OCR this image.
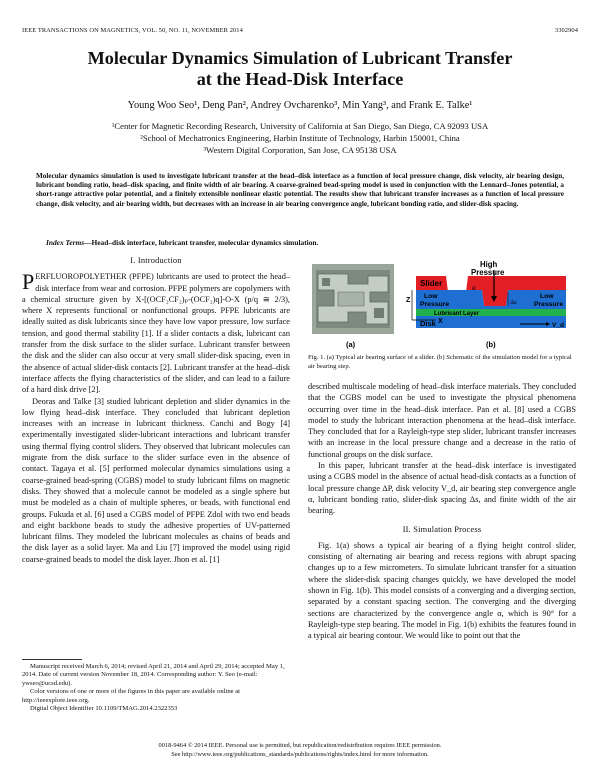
IEEE TRANSACTIONS ON MAGNETICS, VOL. 50, NO. 11, NOVEMBER 2014	3302904
Molecular Dynamics Simulation of Lubricant Transfer
at the Head-Disk Interface
Young Woo Seo¹, Deng Pan², Andrey Ovcharenko³, Min Yang³, and Frank E. Talke¹
¹Center for Magnetic Recording Research, University of California at San Diego, San Diego, CA 92093 USA
²School of Mechatronics Engineering, Harbin Institute of Technology, Harbin 150001, China
³Western Digital Corporation, San Jose, CA 95138 USA
Molecular dynamics simulation is used to investigate lubricant transfer at the head–disk interface as a function of local pressure change, disk velocity, air bearing design, lubricant bonding ratio, head–disk spacing, and finite width of air bearing. A coarse-grained bead-spring model is used in conjunction with the Lennard–Jones potential, a short-range attractive polar potential, and a finitely extensible nonlinear elastic potential. The results show that lubricant transfer increases as a function of local pressure change, disk velocity, and air bearing width, but decreases with an increase in air bearing convergence angle, lubricant bonding ratio, and slider-disk spacing.
Index Terms—Head–disk interface, lubricant transfer, molecular dynamics simulation.
I. Introduction

PERFLUOROPOLYETHER (PFPE) lubricants are used to protect the head–disk interface from wear and corrosion. PFPE polymers are copolymers with a chemical structure given by X-[(OCF₂CF₂)ₚ-(OCF₂)q]-O-X (p/q ≅ 2/3), where X represents functional or nonfunctional groups. PFPE lubricants are ideally suited as disk lubricants since they have low vapor pressure, low surface tension, and good thermal stability [1]. If a slider contacts a disk, lubricant can transfer from the disk surface to the slider surface. Lubricant transfer between the disk and the slider can also occur at very small slider-disk spacing, even in the absence of actual slider-disk contacts [2]. Lubricant transfer at the head–disk interface affects the flying characteristics of the slider, and can lead to a failure of a hard disk drive [2].

Deoras and Talke [3] studied lubricant depletion and slider dynamics in the low flying head–disk interface. They concluded that lubricant depletion increases with an increase in lubricant thickness. Canchi and Bogy [4] experimentally investigated slider-lubricant interactions and lubricant transfer using thermal flying control sliders. They observed that lubricant molecules can migrate from the disk surface to the slider surface even in the absence of contact. Tagaya et al. [5] performed molecular dynamics simulations using a coarse-grained bead-spring (CGBS) model to study lubricant films on magnetic disks. They showed that a molecule cannot be modeled as a single sphere but must be modeled as a chain of multiple spheres, or beads, with functional end groups. Fukuda et al. [6] used a CGBS model of PFPE Zdol with two end beads and eight backbone beads to study the adhesive properties of UV-patterned lubricant films. They modeled the lubricant molecules as chains of beads and the disk layer as a solid layer. Ma and Liu [7] improved the model using rigid coarse-grained beads to model the disk layer. Jhon et al. [1]

Manuscript received March 6, 2014; revised April 21, 2014 and April 29, 2014; accepted May 1, 2014. Date of current version November 18, 2014. Corresponding author: Y. Seo (e-mail: ywseo@ucsd.edu).

Color versions of one or more of the figures in this paper are available online at http://ieeexplore.ieee.org.

Digital Object Identifier 10.1109/TMAG.2014.2322353

(a)
Slider
High
Pressure
Low
Pressure
Low
Pressure
α
Δs
Lubricant Layer
Disk
Z
X
V_d
(b)
Fig. 1. (a) Typical air bearing surface of a slider. (b) Schematic of the simulation model for a typical air bearing step.

described multiscale modeling of head–disk interface materials. They concluded that the CGBS model can be used to investigate the physical phenomena occurring over time in the head–disk interface. Pan et al. [8] used a CGBS model to study the lubricant interaction phenomena at the head–disk interface. They concluded that for a Rayleigh-type step slider, lubricant transfer increases with an increase in the local pressure change and a decrease in the ratio of functional groups on the disk surface.

In this paper, lubricant transfer at the head–disk interface is investigated using a CGBS model in the absence of actual head-disk contacts as a function of local pressure change ΔP, disk velocity V_d, air bearing step convergence angle α, lubricant bonding ratio, slider-disk spacing Δs, and finite width of the air bearing.

II. Simulation Process

Fig. 1(a) shows a typical air bearing of a flying height control slider, consisting of alternating air bearing and recess regions with abrupt spacing changes up to a few micrometers. To simulate lubricant transfer for a situation where the slider-disk spacing changes quickly, we have developed the model shown in Fig. 1(b). This model consists of a converging and a diverging section, separated by a constant spacing section. The converging and the diverging sections are characterized by the convergence angle α, which is 90° for a Rayleigh-type step bearing. The model in Fig. 1(b) exhibits the features found in a typical air bearing contour. We would like to point out that the

0018-9464 © 2014 IEEE. Personal use is permitted, but republication/redistribution requires IEEE permission.
See http://www.ieee.org/publications_standards/publications/rights/index.html for more information.
